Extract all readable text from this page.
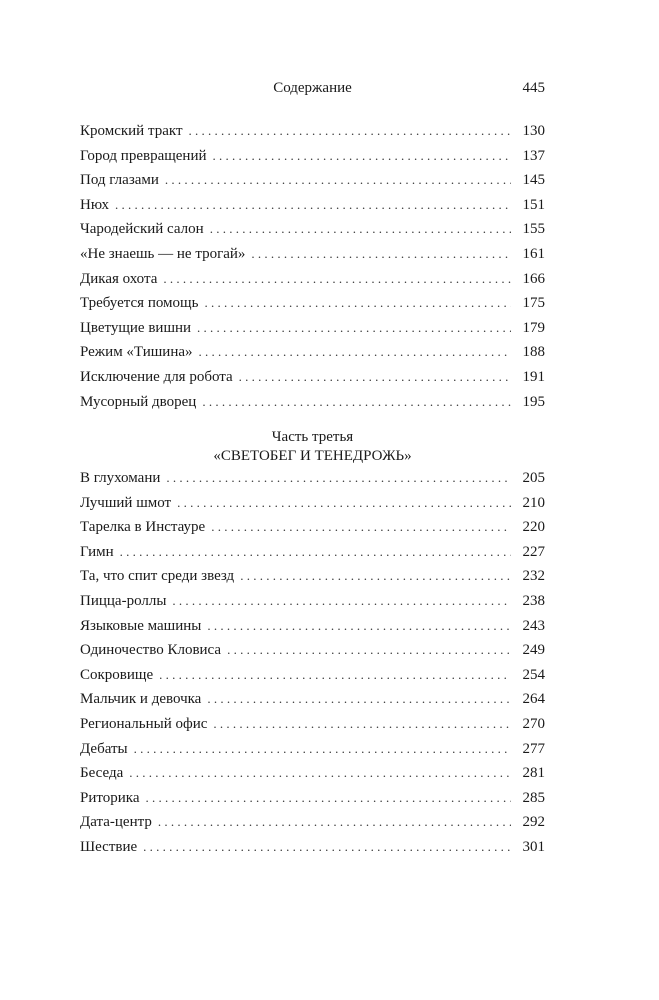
Содержание	445
Кромский тракт . . .	130
Город превращений . . .	137
Под глазами . . .	145
Нюх . . .	151
Чародейский салон . . .	155
«Не знаешь — не трогай» . . .	161
Дикая охота . . .	166
Требуется помощь . . .	175
Цветущие вишни . . .	179
Режим «Тишина» . . .	188
Исключение для робота . . .	191
Мусорный дворец . . .	195
Часть третья
«СВЕТОБЕГ И ТЕНЕДРОЖЬ»
В глухомани . . .	205
Лучший шмот . . .	210
Тарелка в Инстауре . . .	220
Гимн . . .	227
Та, что спит среди звезд . . .	232
Пицца-роллы . . .	238
Языковые машины . . .	243
Одиночество Кловиса . . .	249
Сокровище . . .	254
Мальчик и девочка . . .	264
Региональный офис . . .	270
Дебаты . . .	277
Беседа . . .	281
Риторика . . .	285
Дата-центр . . .	292
Шествие . . .	301
